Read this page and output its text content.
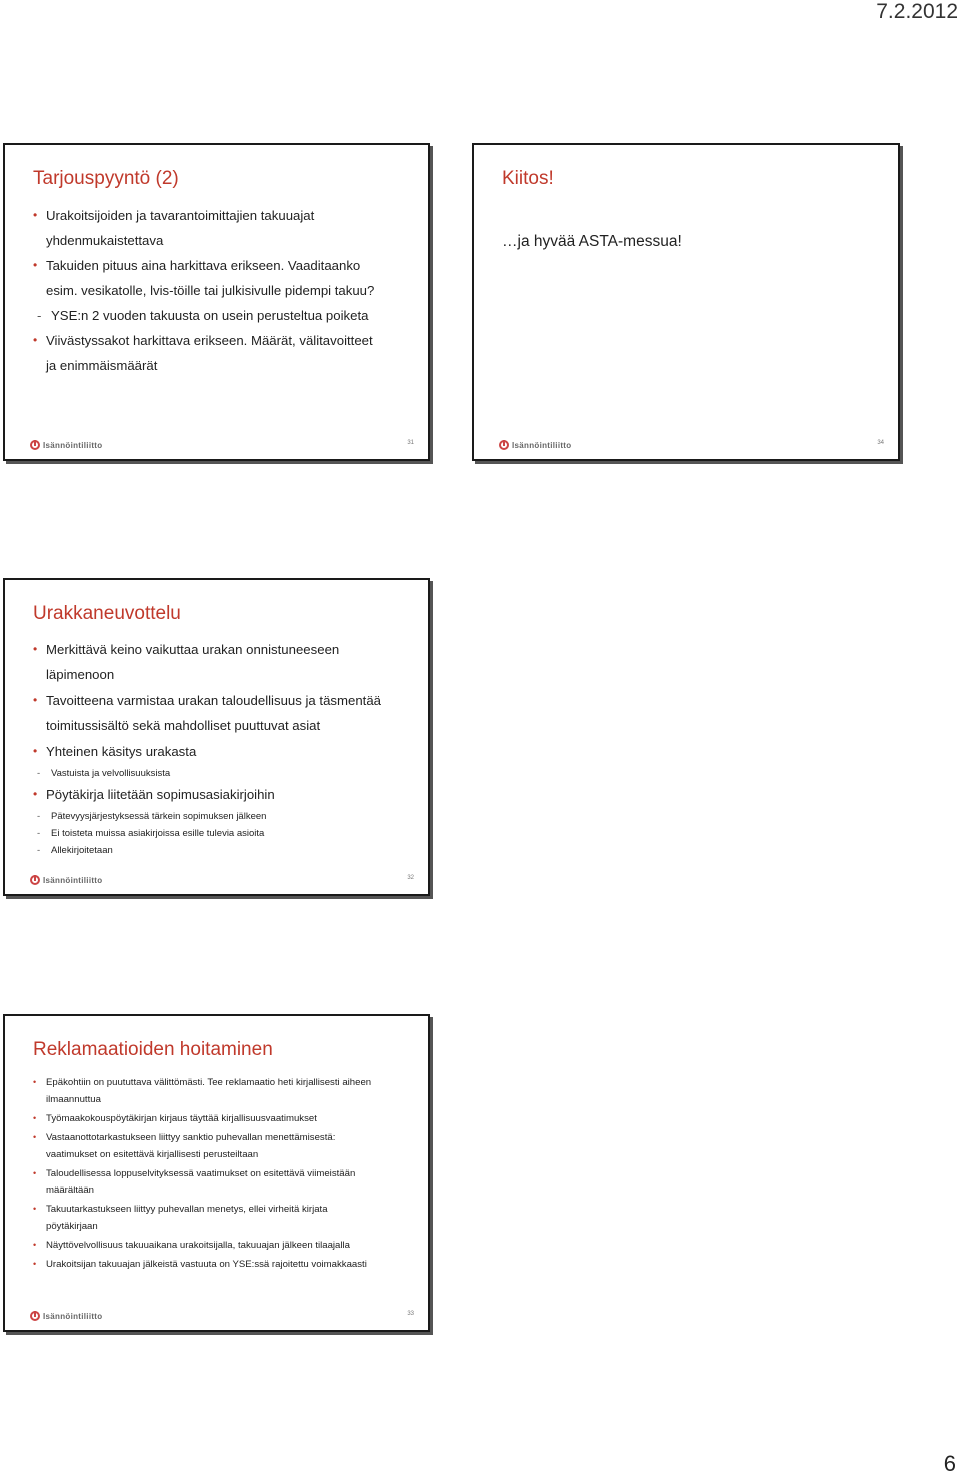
7.2.2012
Tarjouspyyntö (2)
• Urakoitsijoiden ja tavarantoimittajien takuuajat
yhdenmukaistettava
• Takuiden pituus aina harkittava erikseen. Vaaditaanko
esim. vesikatolle, lvis-töille tai julkisivulle pidempi takuu?
- YSE:n 2 vuoden takuusta on usein perusteltua poiketa
• Viivästyssakot harkittava erikseen. Määrät, välitavoitteet
ja enimmäismäärät
Isännöintiliitto	31
Kiitos!
…ja hyvää ASTA-messua!
Isännöintiliitto	34
Urakkaneuvottelu
• Merkittävä keino vaikuttaa urakan onnistuneeseen
läpimenoon
• Tavoitteena varmistaa urakan taloudellisuus ja täsmentää
toimitussisältö sekä mahdolliset puuttuvat asiat
• Yhteinen käsitys urakasta
- Vastuista ja velvollisuuksista
• Pöytäkirja liitetään sopimusasiakirjoihin
- Pätevyysjärjestyksessä tärkein sopimuksen jälkeen
- Ei toisteta muissa asiakirjoissa esille tulevia asioita
- Allekirjoitetaan
Isännöintiliitto	32
Reklamaatioiden hoitaminen
• Epäkohtiin on puututtava välittömästi. Tee reklamaatio heti kirjallisesti aiheen
ilmaannuttua
• Työmaakokouspöytäkirjan kirjaus täyttää kirjallisuusvaatimukset
• Vastaanottotarkastukseen liittyy sanktio puhevallan menettämisestä:
vaatimukset on esitettävä kirjallisesti perusteiltaan
• Taloudellisessa loppuselvityksessä vaatimukset on esitettävä viimeistään
määrältään
• Takuutarkastukseen liittyy puhevallan menetys, ellei virheitä kirjata
pöytäkirjaan
• Näyttövelvollisuus takuuaikana urakoitsijalla, takuuajan jälkeen tilaajalla
• Urakoitsijan takuuajan jälkeistä vastuuta on YSE:ssä rajoitettu voimakkaasti
Isännöintiliitto	33
6
